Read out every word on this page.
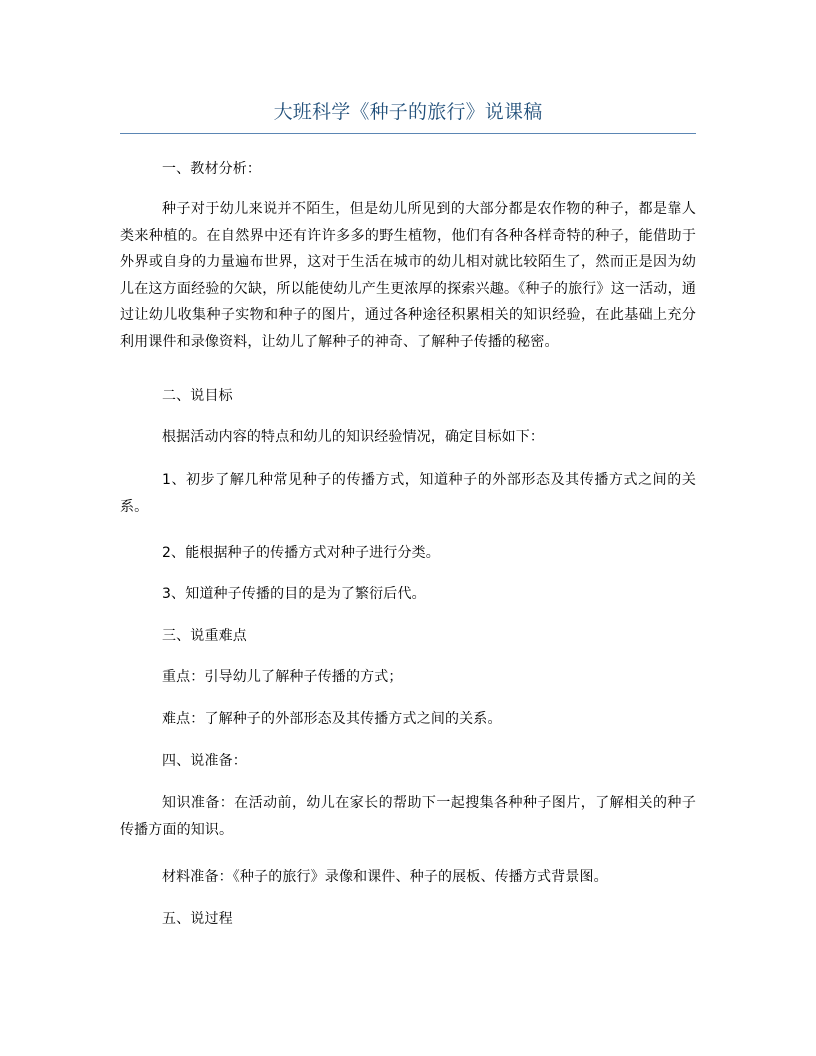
大班科学《种子的旅行》说课稿

一、教材分析：

种子对于幼儿来说并不陌生，但是幼儿所见到的大部分都是农作物的种子，都是靠人类来种植的。在自然界中还有许许多多的野生植物，他们有各种各样奇特的种子，能借助于外界或自身的力量遍布世界，这对于生活在城市的幼儿相对就比较陌生了，然而正是因为幼儿在这方面经验的欠缺，所以能使幼儿产生更浓厚的探索兴趣。《种子的旅行》这一活动，通过让幼儿收集种子实物和种子的图片，通过各种途径积累相关的知识经验，在此基础上充分利用课件和录像资料，让幼儿了解种子的神奇、了解种子传播的秘密。

二、说目标

根据活动内容的特点和幼儿的知识经验情况，确定目标如下：

1、初步了解几种常见种子的传播方式，知道种子的外部形态及其传播方式之间的关系。

2、能根据种子的传播方式对种子进行分类。

3、知道种子传播的目的是为了繁衍后代。

三、说重难点

重点：引导幼儿了解种子传播的方式；

难点：了解种子的外部形态及其传播方式之间的关系。

四、说准备：

知识准备：在活动前，幼儿在家长的帮助下一起搜集各种种子图片，了解相关的种子传播方面的知识。

材料准备：《种子的旅行》录像和课件、种子的展板、传播方式背景图。

五、说过程
